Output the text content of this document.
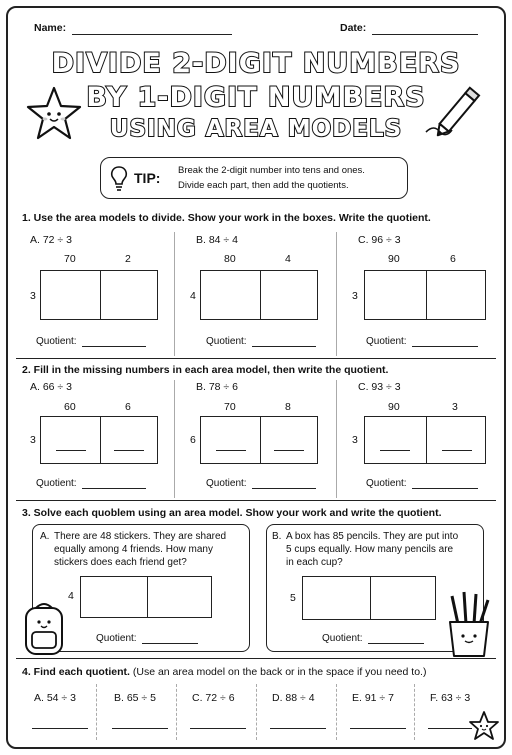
Name:	Date:
DIVIDE 2-DIGIT NUMBERS
BY 1-DIGIT NUMBERS
USING AREA MODELS
TIP: Break the 2-digit number into tens and ones.
Divide each part, then add the quotients.
1. Use the area models to divide. Show your work in the boxes. Write the quotient.
A. 72 ÷ 3
70	2
3
Quotient:
B. 84 ÷ 4
80	4
4
Quotient:
C. 96 ÷ 3
90	6
3
Quotient:
2. Fill in the missing numbers in each area model, then write the quotient.
A. 66 ÷ 3
60	6
3
Quotient:
B. 78 ÷ 6
70	8
6
Quotient:
C. 93 ÷ 3
90	3
3
Quotient:
3. Solve each quoblem using an area model. Show your work and write the quotient.
A. There are 48 stickers. They are shared
equally among 4 friends. How many
stickers does each friend get?
4
Quotient:
B. A box has 85 pencils. They are put into
5 cups equally. How many pencils are
in each cup?
5
Quotient:
4. Find each quotient. (Use an area model on the back or in the space if you need to.)
A. 54 ÷ 3	B. 65 ÷ 5	C. 72 ÷ 6	D. 88 ÷ 4	E. 91 ÷ 7	F. 63 ÷ 3
